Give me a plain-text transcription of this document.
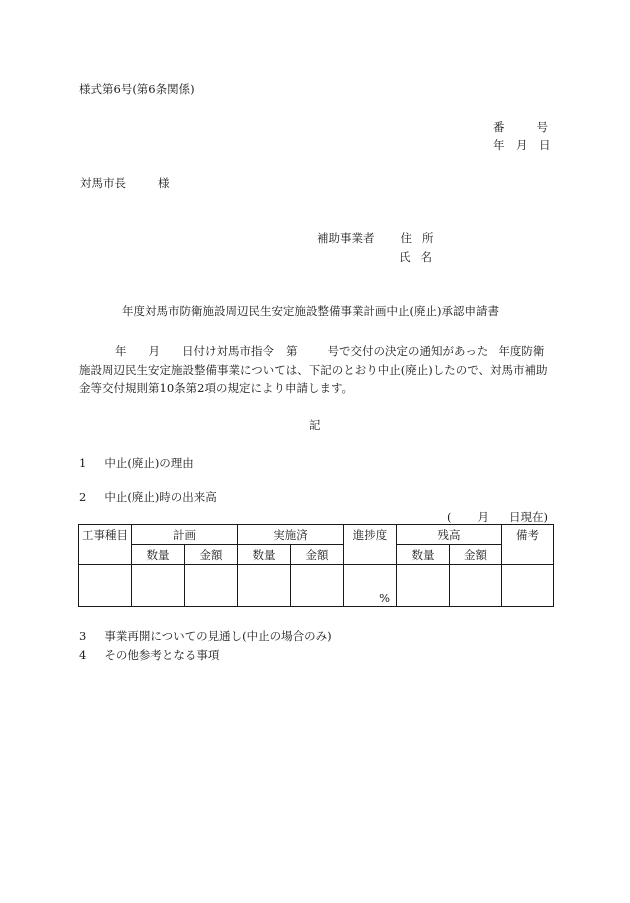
様式第6号(第6条関係)
番	号
年 月 日
対馬市長	様
補助事業者 住 所
氏 名
年度対馬市防衛施設周辺民生安定施設整備事業計画中止(廃止)承認申請書
年 月 日付け対馬市指令 第	号で交付の決定の通知があった 年度防衛施設周辺民生安定施設整備事業については、下記のとおり中止(廃止)したので、対馬市補助金等交付規則第10条第2項の規定により申請します。
記
1 中止(廃止)の理由
2 中止(廃止)時の出来高
( 月 日現在)
工事種目	計画		実施済		進捗度	残高		備考
	数量	金額	数量	金額		数量	金額	
					%			
3 事業再開についての見通し(中止の場合のみ)
4 その他参考となる事項
